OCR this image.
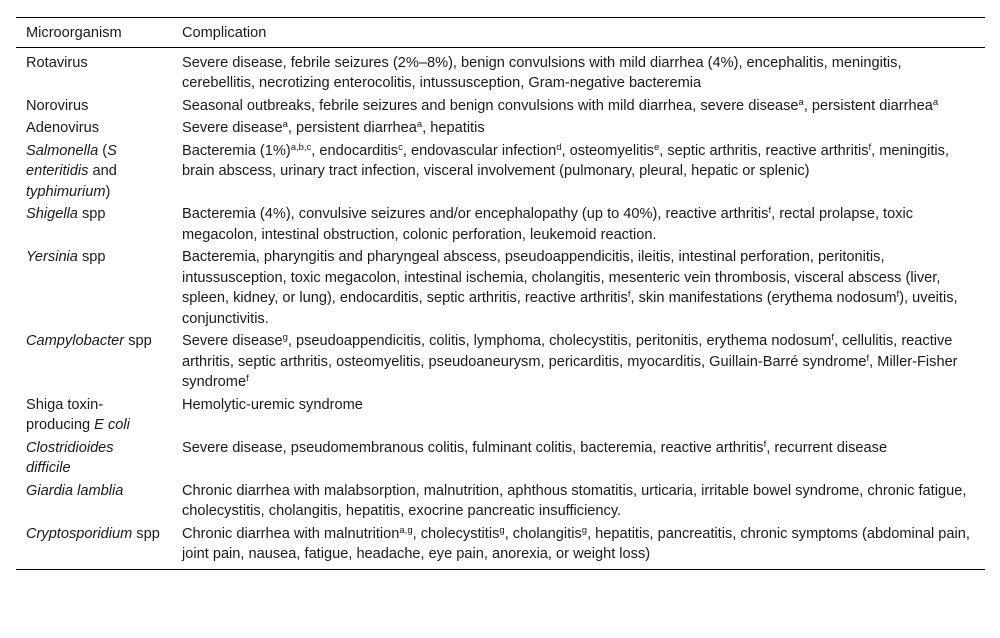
Microorganism	Complication
Rotavirus	Severe disease, febrile seizures (2%–8%), benign convulsions with mild diarrhea (4%), encephalitis, meningitis, cerebellitis, necrotizing enterocolitis, intussusception, Gram-negative bacteremia
Norovirus	Seasonal outbreaks, febrile seizures and benign convulsions with mild diarrhea, severe disease$^a$, persistent diarrhea$^a$
Adenovirus	Severe disease$^a$, persistent diarrhea$^a$, hepatitis
Salmonella (S enteritidis and typhimurium)	Bacteremia $(1\%)^{a,b,c}$, endocarditis$^c$, endovascular infection$^d$, osteomyelitis$^e$, septic arthritis, reactive arthritis$^f$, meningitis, brain abscess, urinary tract infection, visceral involvement (pulmonary, pleural, hepatic or splenic)
Shigella spp	Bacteremia (4%), convulsive seizures and/or encephalopathy (up to 40%), reactive arthritis$^f$, rectal prolapse, toxic megacolon, intestinal obstruction, colonic perforation, leukemoid reaction.
Yersinia spp	Bacteremia, pharyngitis and pharyngeal abscess, pseudoappendicitis, ileitis, intestinal perforation, peritonitis, intussusception, toxic megacolon, intestinal ischemia, cholangitis, mesenteric vein thrombosis, visceral abscess (liver, spleen, kidney, or lung), endocarditis, septic arthritis, reactive arthritis$^f$, skin manifestations (erythema nodosum$^f$), uveitis, conjunctivitis.
Campylobacter spp	Severe disease$^g$, pseudoappendicitis, colitis, lymphoma, cholecystitis, peritonitis, erythema nodosum$^f$, cellulitis, reactive arthritis, septic arthritis, osteomyelitis, pseudoaneurysm, pericarditis, myocarditis, Guillain-Barré syndrome$^f$, Miller-Fisher syndrome$^f$
Shiga toxin-producing E coli	Hemolytic-uremic syndrome
Clostridioides difficile	Severe disease, pseudomembranous colitis, fulminant colitis, bacteremia, reactive arthritis$^f$, recurrent disease
Giardia lamblia	Chronic diarrhea with malabsorption, malnutrition, aphthous stomatitis, urticaria, irritable bowel syndrome, chronic fatigue, cholecystitis, cholangitis, hepatitis, exocrine pancreatic insufficiency.
Cryptosporidium spp	Chronic diarrhea with malnutrition$^{a,g}$, cholecystitis$^g$, cholangitis$^g$, hepatitis, pancreatitis, chronic symptoms (abdominal pain, joint pain, nausea, fatigue, headache, eye pain, anorexia, or weight loss)
